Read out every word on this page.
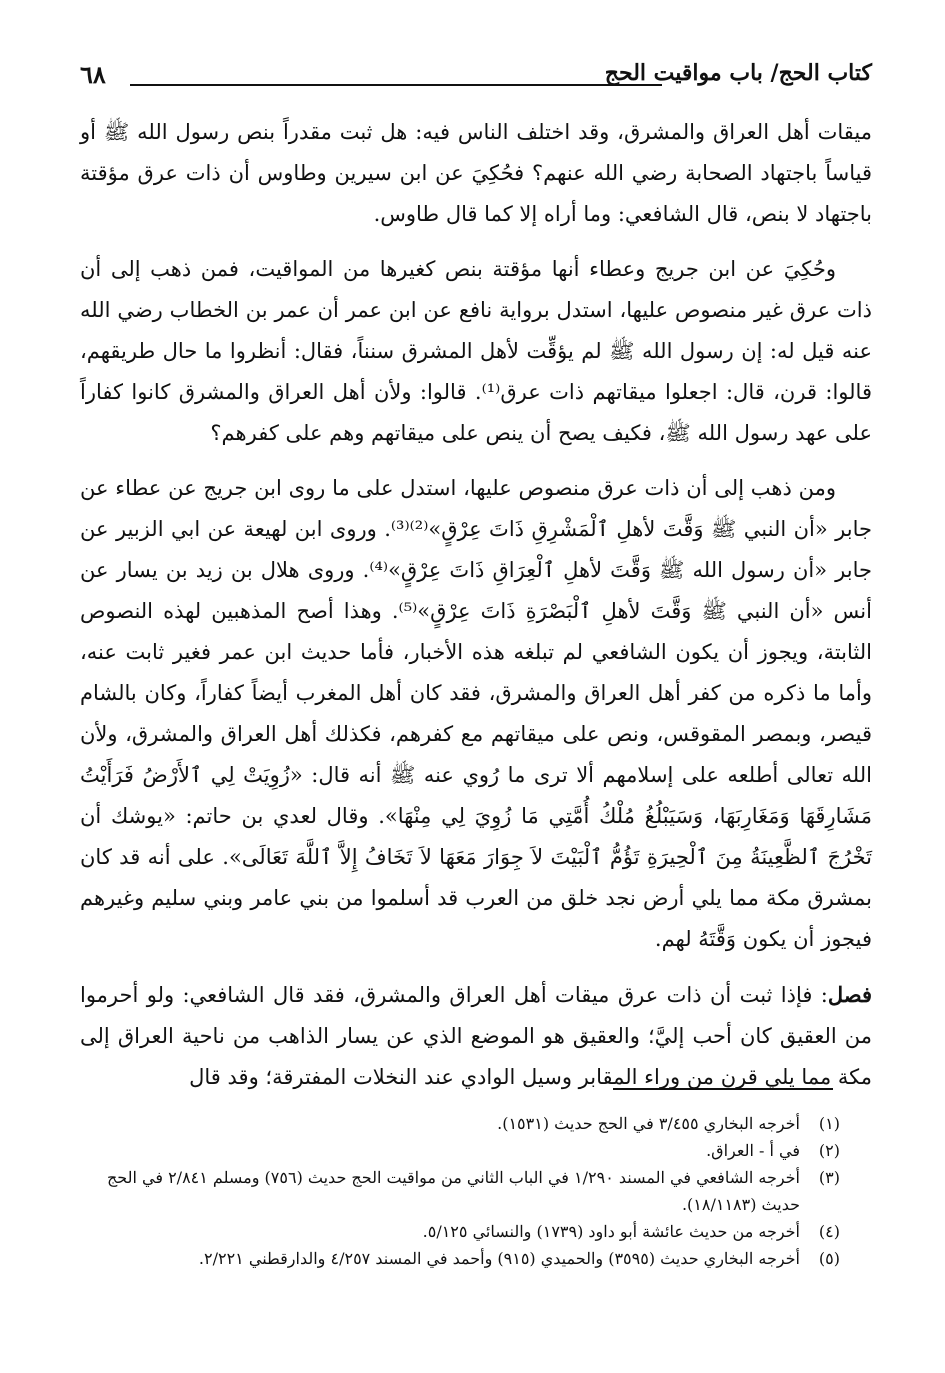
٦٨	كتاب الحج/ باب مواقيت الحج

ميقات أهل العراق والمشرق، وقد اختلف الناس فيه: هل ثبت مقدراً بنص رسول الله ﷺ أو قياساً باجتهاد الصحابة رضي الله عنهم؟ فحُكِيَ عن ابن سيرين وطاوس أن ذات عرق مؤقتة باجتهاد لا بنص، قال الشافعي: وما أراه إلا كما قال طاوس.

وحُكِيَ عن ابن جريج وعطاء أنها مؤقتة بنص كغيرها من المواقيت، فمن ذهب إلى أن ذات عرق غير منصوص عليها، استدل برواية نافع عن ابن عمر أن عمر بن الخطاب رضي الله عنه قيل له: إن رسول الله ﷺ لم يؤقِّت لأهل المشرق سنناً، فقال: أنظروا ما حال طريقهم، قالوا: قرن، قال: اجعلوا ميقاتهم ذات عرق⁽¹⁾. قالوا: ولأن أهل العراق والمشرق كانوا كفاراً على عهد رسول الله ﷺ، فكيف يصح أن ينص على ميقاتهم وهم على كفرهم؟

ومن ذهب إلى أن ذات عرق منصوص عليها، استدل على ما روى ابن جريج عن عطاء عن جابر «أن النبي ﷺ وَقَّتَ لأهلِ ٱلْمَشْرِقِ ذَاتَ عِرْقٍ»⁽²⁾⁽³⁾. وروى ابن لهيعة عن ابي الزبير عن جابر «أن رسول الله ﷺ وَقَّتَ لأهلِ ٱلْعِرَاقِ ذَاتَ عِرْقٍ»⁽⁴⁾. وروى هلال بن زيد بن يسار عن أنس «أن النبي ﷺ وَقَّتَ لأهلِ ٱلْبَصْرَةِ ذَاتَ عِرْقٍ»⁽⁵⁾. وهذا أصح المذهبين لهذه النصوص الثابتة، ويجوز أن يكون الشافعي لم تبلغه هذه الأخبار، فأما حديث ابن عمر فغير ثابت عنه، وأما ما ذكره من كفر أهل العراق والمشرق، فقد كان أهل المغرب أيضاً كفاراً، وكان بالشام قيصر، وبمصر المقوقس، ونص على ميقاتهم مع كفرهم، فكذلك أهل العراق والمشرق، ولأن الله تعالى أطلعه على إسلامهم ألا ترى ما رُوي عنه ﷺ أنه قال: «زُوِيَتْ لِي ٱلأَرْضُ فَرَأَيْتُ مَشَارِقَهَا وَمَغَارِبَهَا، وَسَيَبْلُغُ مُلْكُ أُمَّتِي مَا زُوِيَ لِي مِنْهَا». وقال لعدي بن حاتم: «يوشك أن تَخْرُجَ ٱلظَّعِينَةُ مِنَ ٱلْحِيرَةِ تَؤُمُّ ٱلْبَيْتَ لاَ جِوَارَ مَعَهَا لاَ تَخَافُ إِلاَّ ٱللَّهَ تَعَالَى». على أنه قد كان بمشرق مكة مما يلي أرض نجد خلق من العرب قد أسلموا من بني عامر وبني سليم وغيرهم فيجوز أن يكون وَقَّتَهُ لهم.

فصل: فإذا ثبت أن ذات عرق ميقات أهل العراق والمشرق، فقد قال الشافعي: ولو أحرموا من العقيق كان أحب إليَّ؛ والعقيق هو الموضع الذي عن يسار الذاهب من ناحية العراق إلى مكة مما يلي قرن من وراء المقابر وسيل الوادي عند النخلات المفترقة؛ وقد قال

(١)
أخرجه البخاري ٣/٤٥٥ في الحج حديث (١٥٣١).
(٢)
في أ - العراق.
(٣)
أخرجه الشافعي في المسند ١/٢٩٠ في الباب الثاني من مواقيت الحج حديث (٧٥٦) ومسلم ٢/٨٤١ في الحج حديث (١٨/١١٨٣).
(٤)
أخرجه من حديث عائشة أبو داود (١٧٣٩) والنسائي ٥/١٢٥.
(٥)
أخرجه البخاري حديث (٣٥٩٥) والحميدي (٩١٥) وأحمد في المسند ٤/٢٥٧ والدارقطني ٢/٢٢١.
